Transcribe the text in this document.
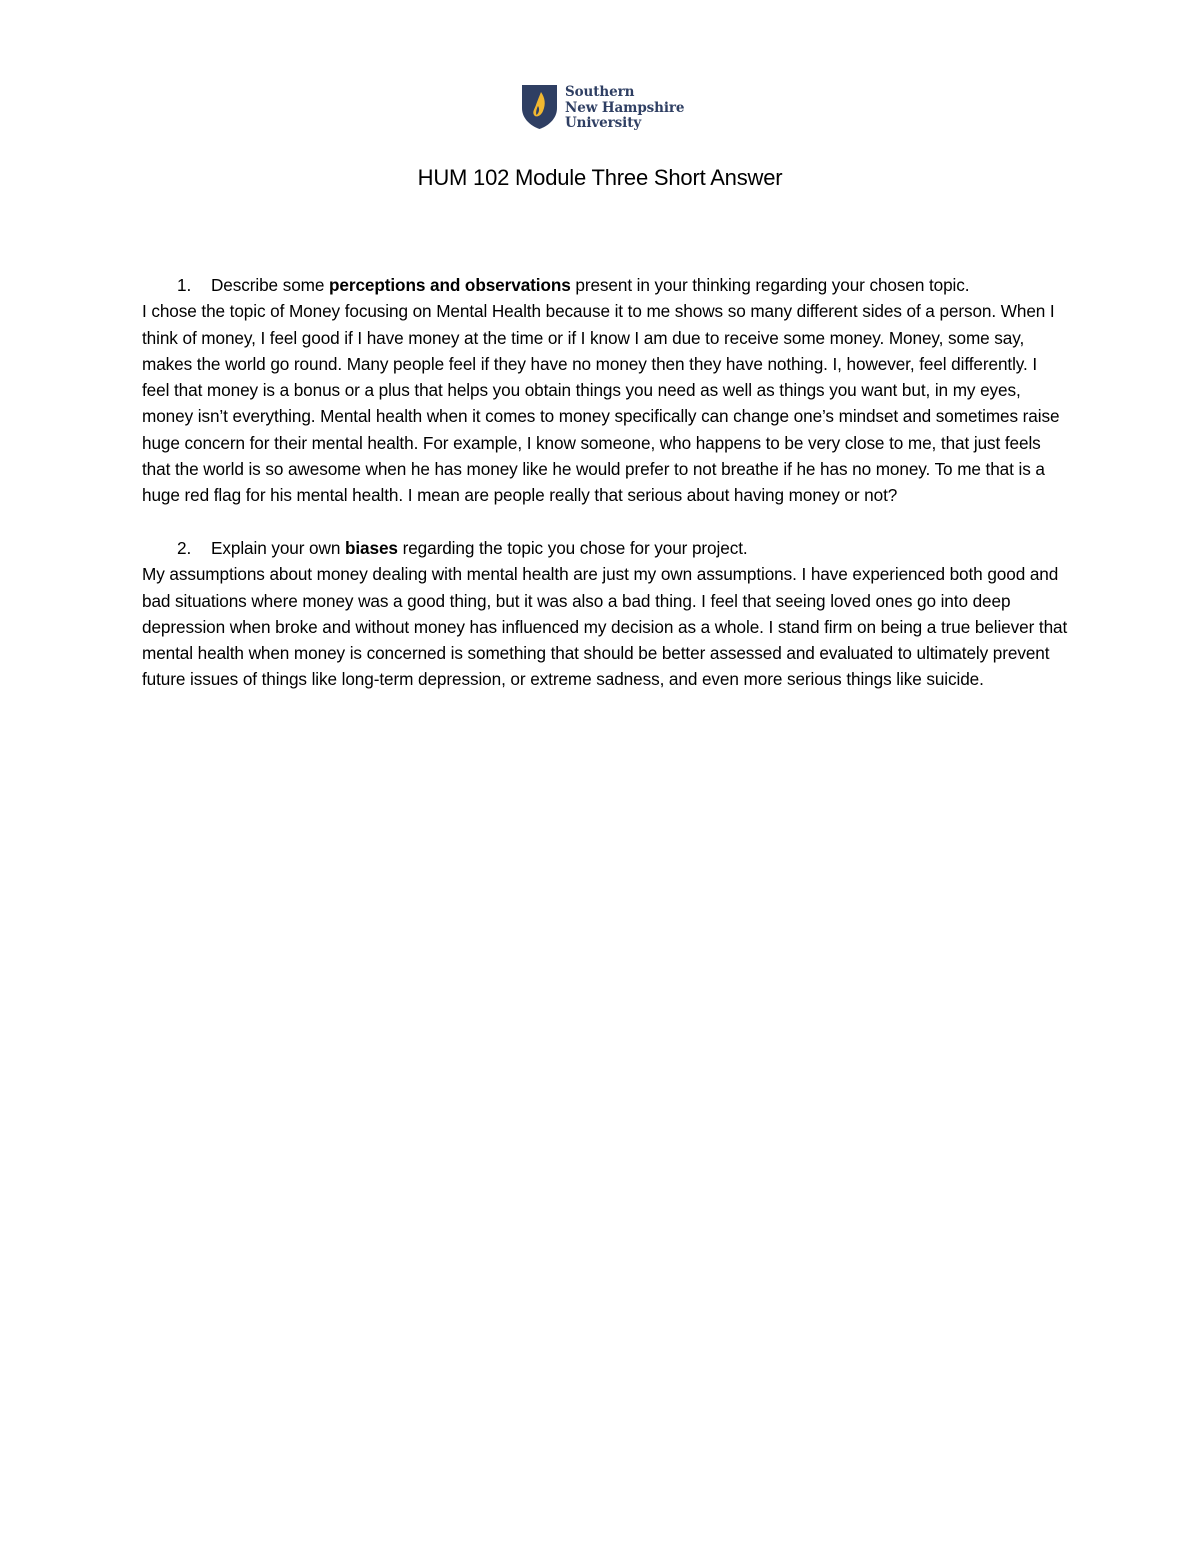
Southern
New Hampshire
University
HUM 102 Module Three Short Answer
1.	Describe some perceptions and observations present in your thinking regarding your chosen topic.

I chose the topic of Money focusing on Mental Health because it to me shows so many different sides of a person. When I think of money, I feel good if I have money at the time or if I know I am due to receive some money. Money, some say, makes the world go round. Many people feel if they have no money then they have nothing. I, however, feel differently. I feel that money is a bonus or a plus that helps you obtain things you need as well as things you want but, in my eyes, money isn’t everything. Mental health when it comes to money specifically can change one’s mindset and sometimes raise huge concern for their mental health. For example, I know someone, who happens to be very close to me, that just feels that the world is so awesome when he has money like he would prefer to not breathe if he has no money. To me that is a huge red flag for his mental health. I mean are people really that serious about having money or not?

2.	Explain your own biases regarding the topic you chose for your project.

My assumptions about money dealing with mental health are just my own assumptions. I have experienced both good and bad situations where money was a good thing, but it was also a bad thing. I feel that seeing loved ones go into deep depression when broke and without money has influenced my decision as a whole. I stand firm on being a true believer that mental health when money is concerned is something that should be better assessed and evaluated to ultimately prevent future issues of things like long-term depression, or extreme sadness, and even more serious things like suicide.
